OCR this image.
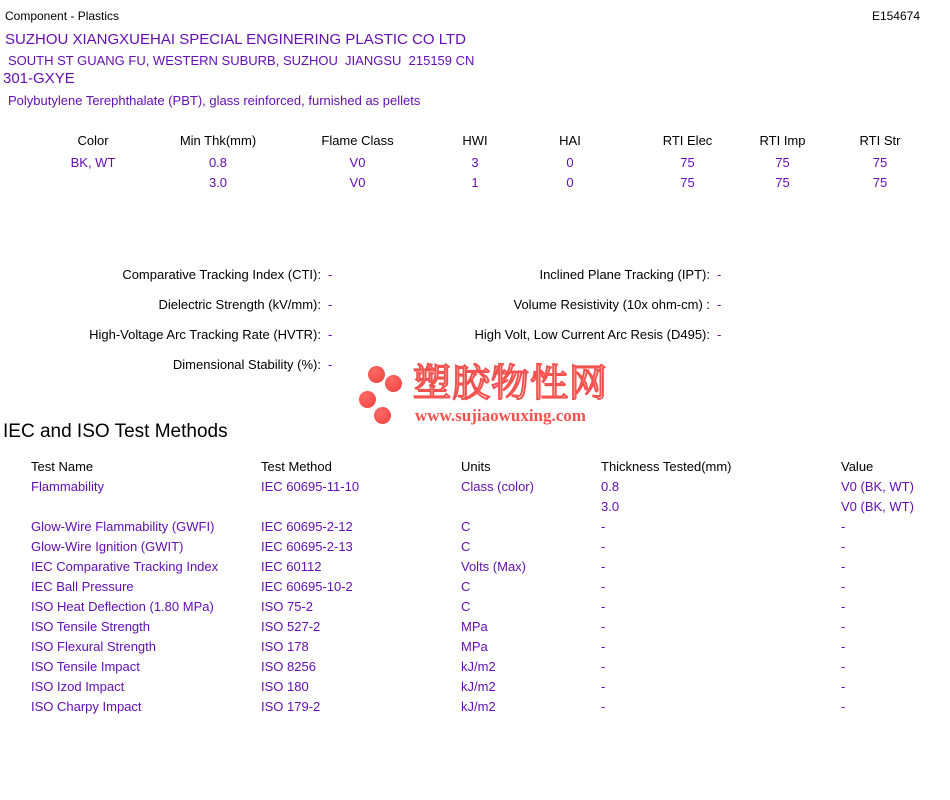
Component - Plastics	E154674
SUZHOU XIANGXUEHAI SPECIAL ENGINERING PLASTIC CO LTD
SOUTH ST GUANG FU, WESTERN SUBURB, SUZHOU  JIANGSU  215159 CN
301-GXYE
Polybutylene Terephthalate (PBT), glass reinforced, furnished as pellets
Color	Min Thk(mm)	Flame Class	HWI	HAI	RTI Elec	RTI Imp	RTI Str
BK, WT	0.8	V0	3	0	75	75	75
	3.0	V0	1	0	75	75	75
Comparative Tracking Index (CTI): -
Dielectric Strength (kV/mm): -
High-Voltage Arc Tracking Rate (HVTR): -
Dimensional Stability (%): -
Inclined Plane Tracking (IPT): -
Volume Resistivity (10x ohm-cm) : -
High Volt, Low Current Arc Resis (D495): -
塑胶物性网
www.sujiaowuxing.com
IEC and ISO Test Methods
Test Name	Test Method	Units	Thickness Tested(mm)	Value
Flammability	IEC 60695-11-10	Class (color)	0.8	V0 (BK, WT)
			3.0	V0 (BK, WT)
Glow-Wire Flammability (GWFI)	IEC 60695-2-12	C	-	-
Glow-Wire Ignition (GWIT)	IEC 60695-2-13	C	-	-
IEC Comparative Tracking Index	IEC 60112	Volts (Max)	-	-
IEC Ball Pressure	IEC 60695-10-2	C	-	-
ISO Heat Deflection (1.80 MPa)	ISO 75-2	C	-	-
ISO Tensile Strength	ISO 527-2	MPa	-	-
ISO Flexural Strength	ISO 178	MPa	-	-
ISO Tensile Impact	ISO 8256	kJ/m2	-	-
ISO Izod Impact	ISO 180	kJ/m2	-	-
ISO Charpy Impact	ISO 179-2	kJ/m2	-	-
